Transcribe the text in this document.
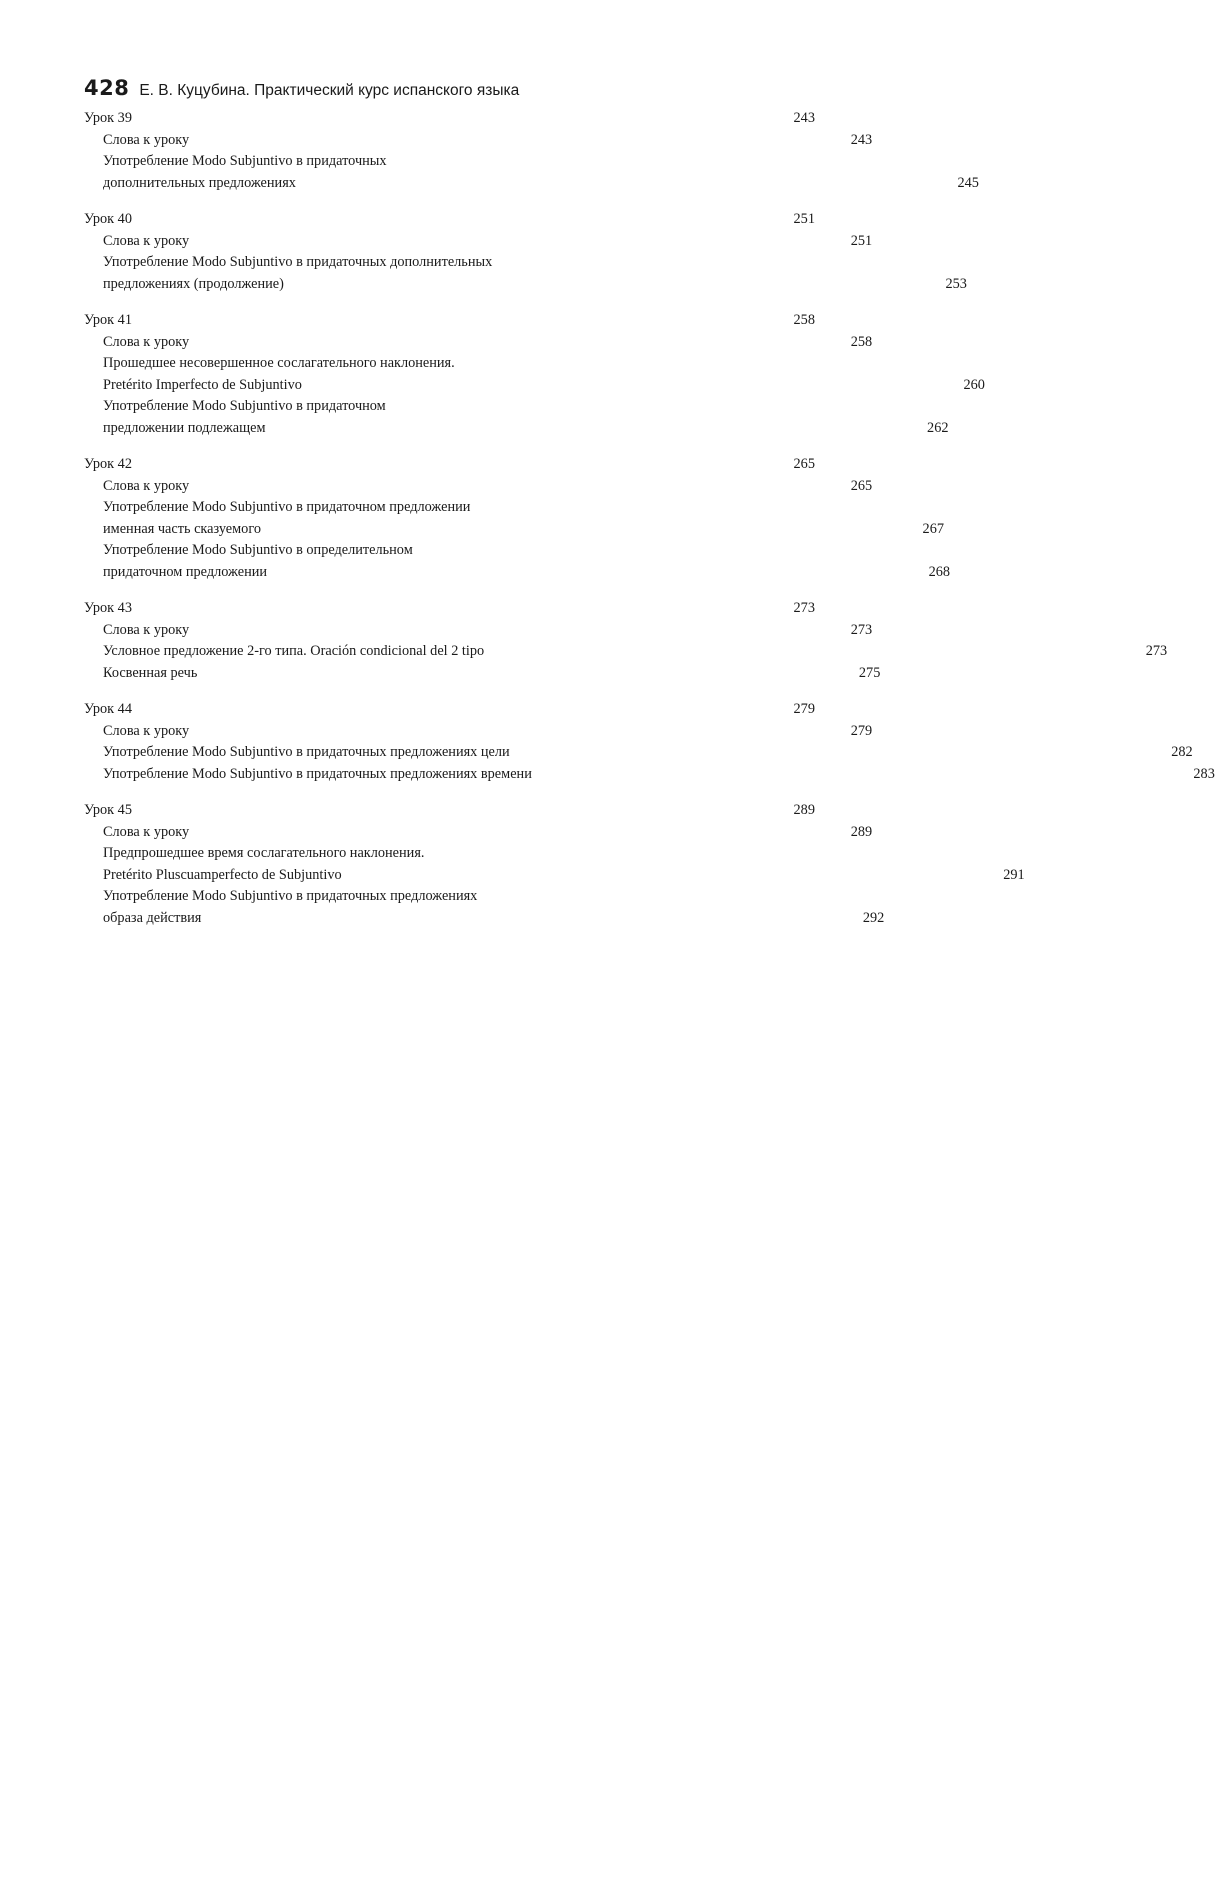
428 Е. В. Куцубина. Практический курс испанского языка
Урок 39	243
Слова к уроку	243
Употребление Modo Subjuntivo в придаточных
дополнительных предложениях	245
Урок 40	251
Слова к уроку	251
Употребление Modo Subjuntivo в придаточных дополнительных
предложениях (продолжение)	253
Урок 41	258
Слова к уроку	258
Прошедшее несовершенное сослагательного наклонения.
Pretérito Imperfecto de Subjuntivo	260
Употребление Modo Subjuntivo в придаточном
предложении подлежащем	262
Урок 42	265
Слова к уроку	265
Употребление Modo Subjuntivo в придаточном предложении
именная часть сказуемого	267
Употребление Modo Subjuntivo в определительном
придаточном предложении	268
Урок 43	273
Слова к уроку	273
Условное предложение 2-го типа. Oración condicional del 2 tipo	273
Косвенная речь	275
Урок 44	279
Слова к уроку	279
Употребление Modo Subjuntivo в придаточных предложениях цели	282
Употребление Modo Subjuntivo в придаточных предложениях времени	283
Урок 45	289
Слова к уроку	289
Предпрошедшее время сослагательного наклонения.
Pretérito Pluscuamperfecto de Subjuntivo	291
Употребление Modo Subjuntivo в придаточных предложениях
образа действия	292
